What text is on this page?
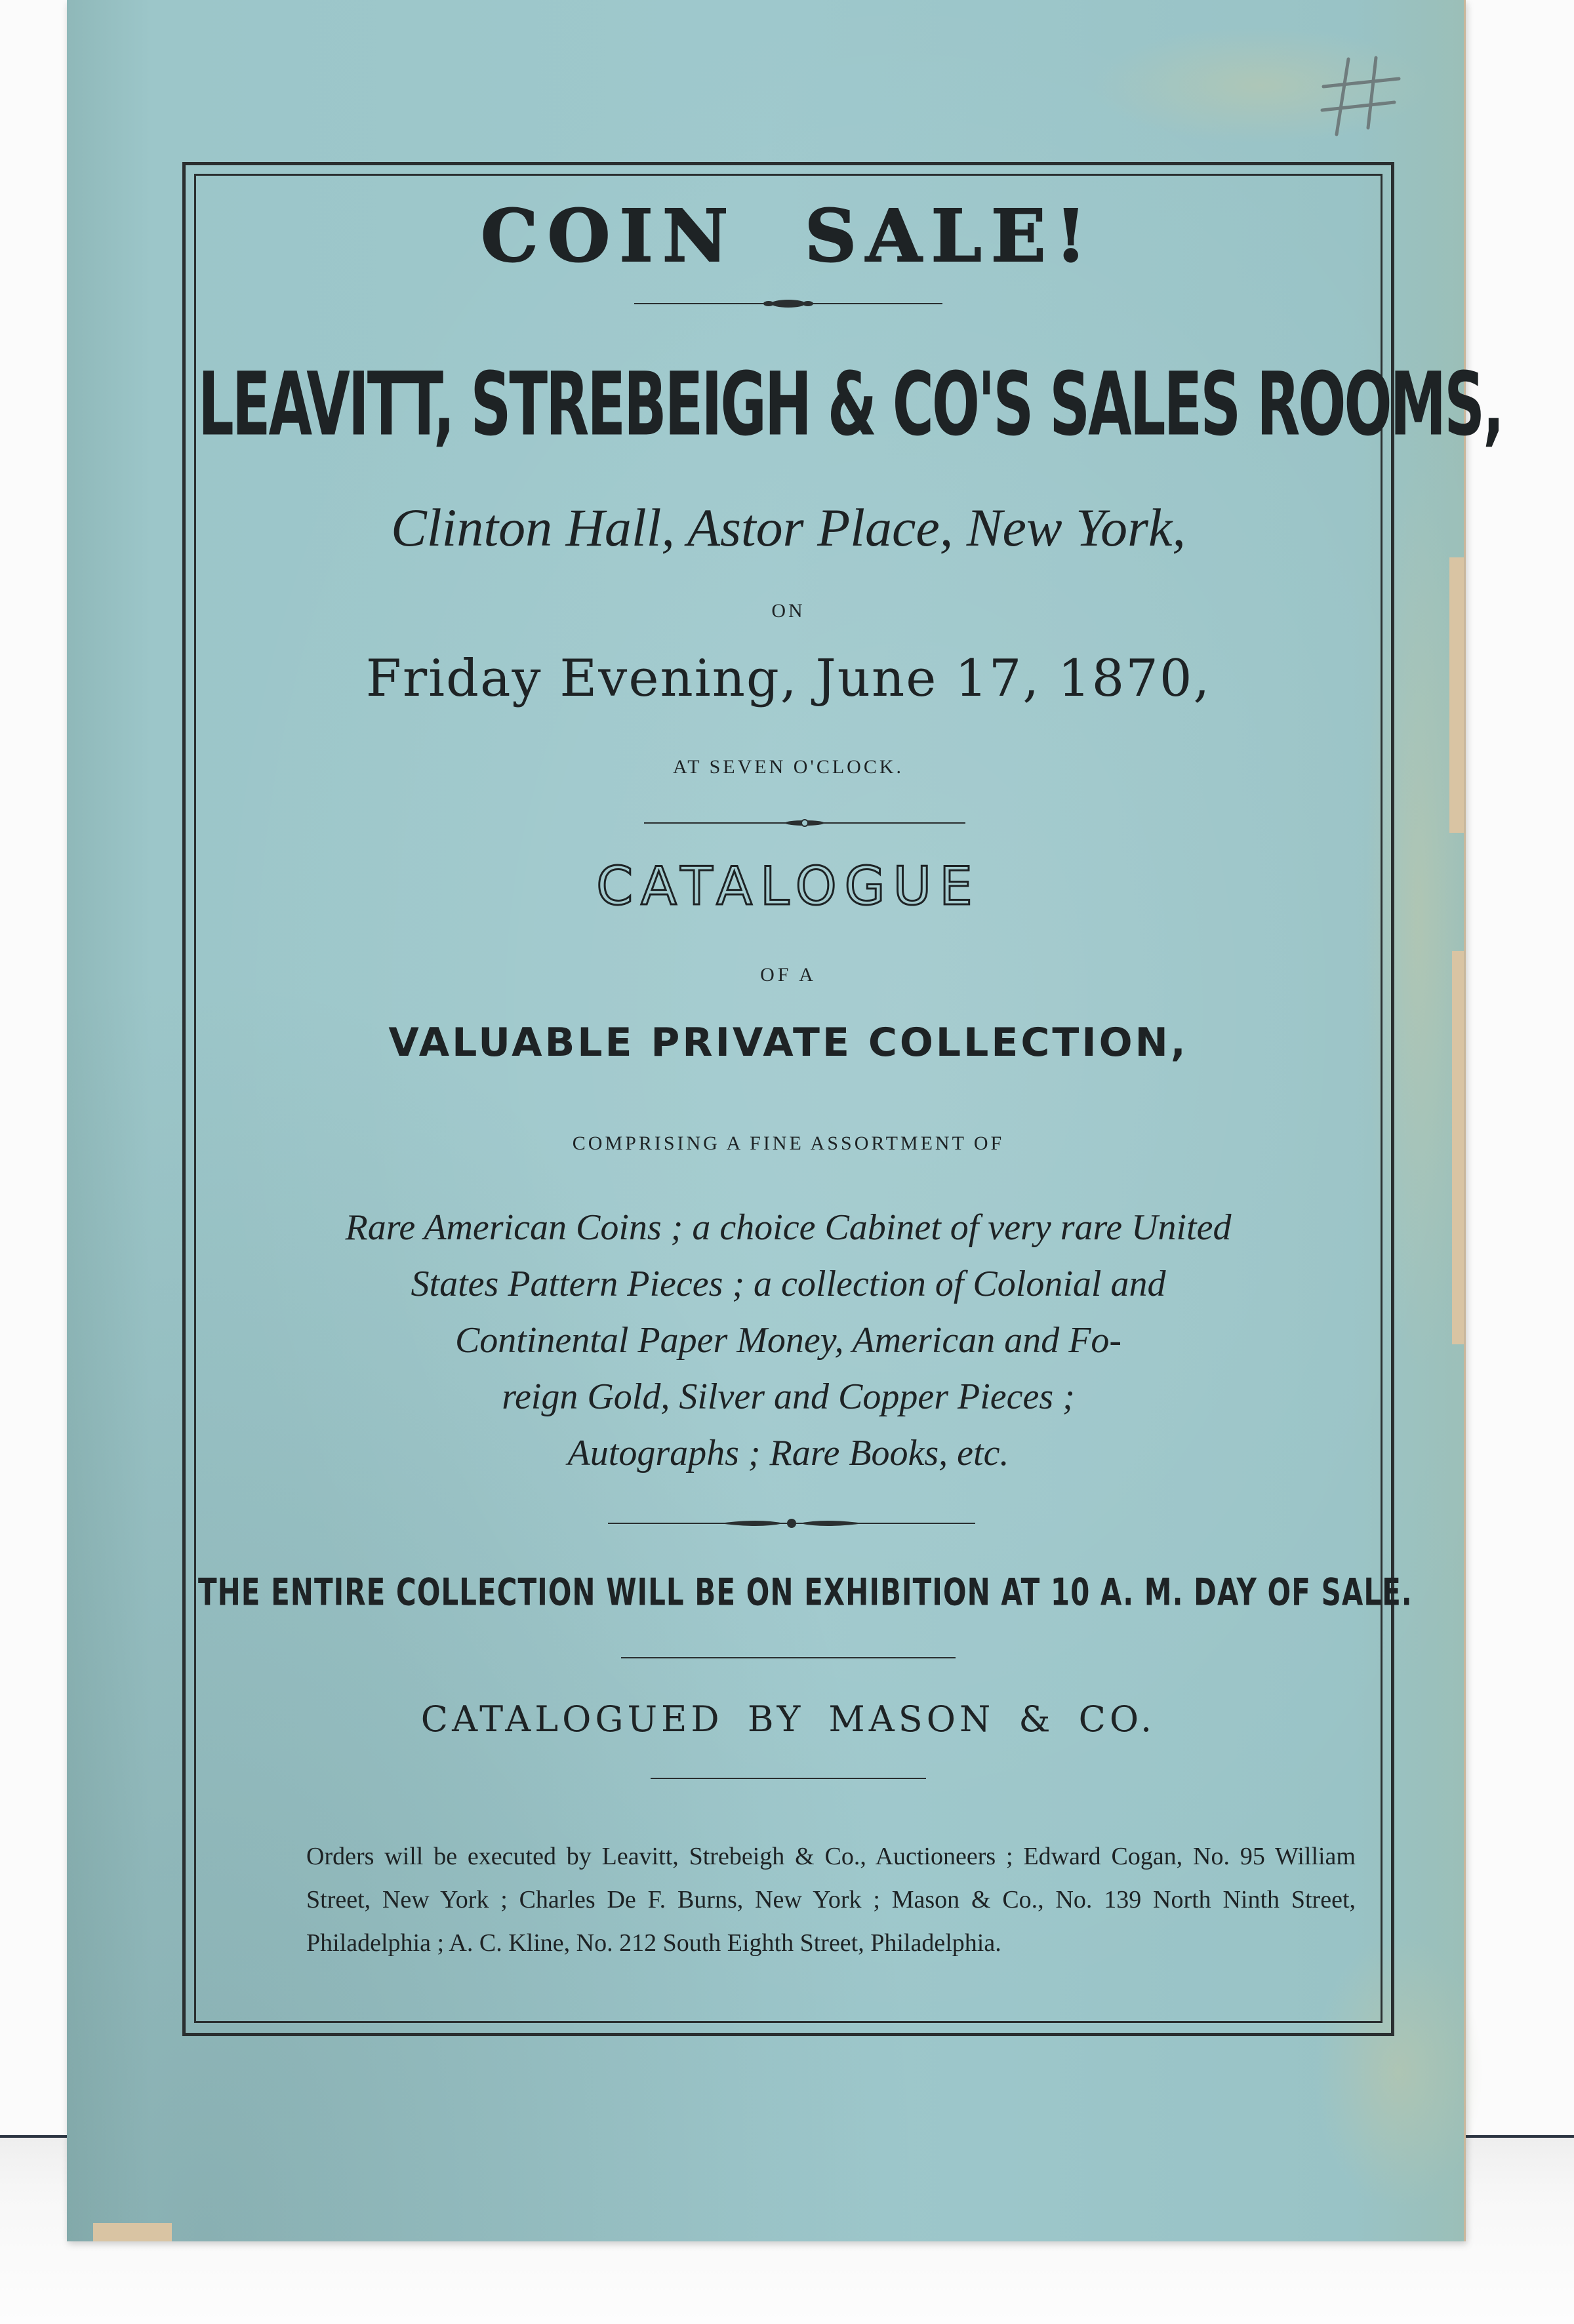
COIN SALE!

LEAVITT, STREBEIGH & CO'S SALES ROOMS,

Clinton Hall, Astor Place, New York,

ON

Friday Evening, June 17, 1870,

AT SEVEN O'CLOCK.

CATALOGUE

OF A

VALUABLE PRIVATE COLLECTION,

COMPRISING A FINE ASSORTMENT OF

Rare American Coins ; a choice Cabinet of very rare United

States Pattern Pieces ; a collection of Colonial and

Continental Paper Money, American and Fo-

reign Gold, Silver and Copper Pieces ;

Autographs ; Rare Books, etc.

THE ENTIRE COLLECTION WILL BE ON EXHIBITION AT 10 A. M. DAY OF SALE.

CATALOGUED BY MASON & CO.

Orders will be executed by Leavitt, Strebeigh & Co., Auctioneers ; Edward Cogan, No. 95 William Street, New York ; Charles De F. Burns, New York ; Mason & Co., No. 139 North Ninth Street, Philadelphia ; A. C. Kline, No. 212 South Eighth Street, Philadelphia.
